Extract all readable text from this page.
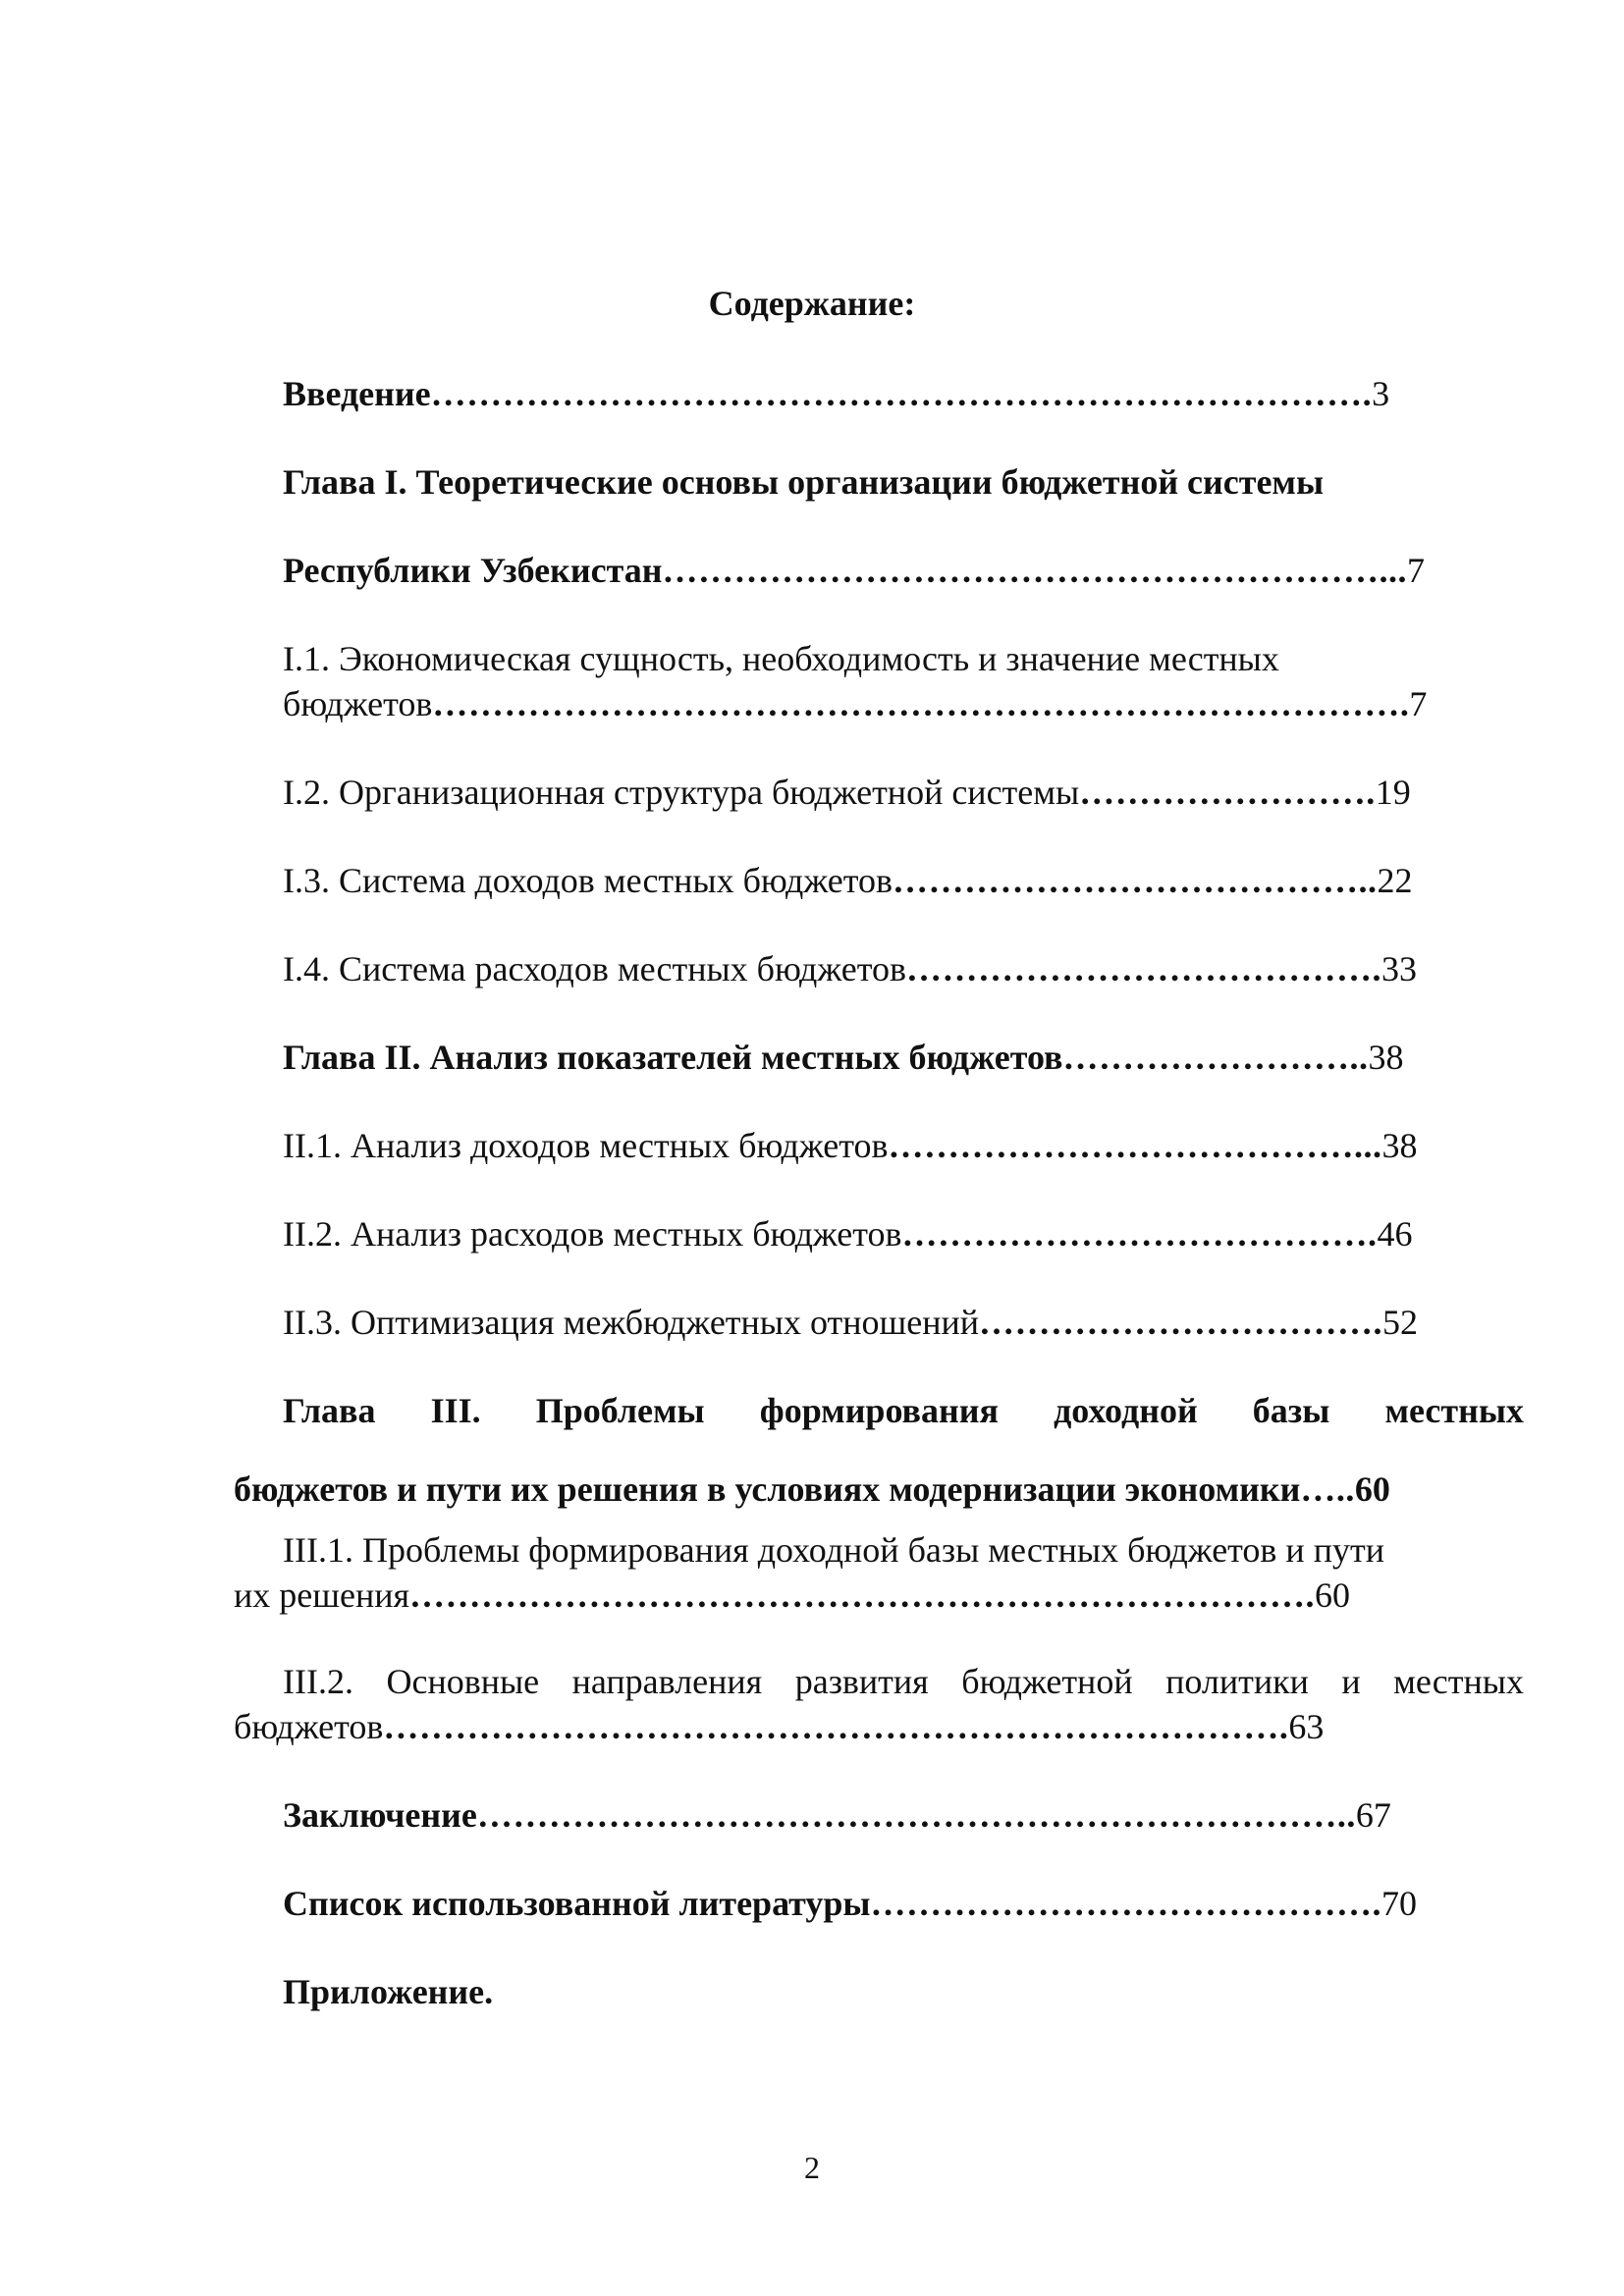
Содержание:

Введение…………………………………………………………………….3

Глава I. Теоретические основы организации бюджетной системы

Республики Узбекистан……………………………………………………...7

I.1. Экономическая сущность, необходимость и значение местных

бюджетов……………………………………………………………………….7

I.2. Организационная структура бюджетной системы…………………….19

I.3. Система доходов местных бюджетов…………………………………..22

I.4. Система расходов местных бюджетов………………………………….33

Глава II. Анализ показателей местных бюджетов……………………..38

II.1. Анализ доходов местных бюджетов…………………………………...38

II.2. Анализ расходов местных бюджетов………………………………….46

II.3. Оптимизация межбюджетных отношений…………………………….52

Глава III. Проблемы формирования доходной базы местных

бюджетов и пути их решения в условиях модернизации экономики…..60

III.1. Проблемы формирования доходной базы местных бюджетов и пути

их решения………………………………………………………………….60

III.2. Основные направления развития бюджетной политики и местных

бюджетов………………………………………………………………….63

Заключение………………………………………………………………..67

Список использованной литературы…………………………………….70

Приложение.

2
